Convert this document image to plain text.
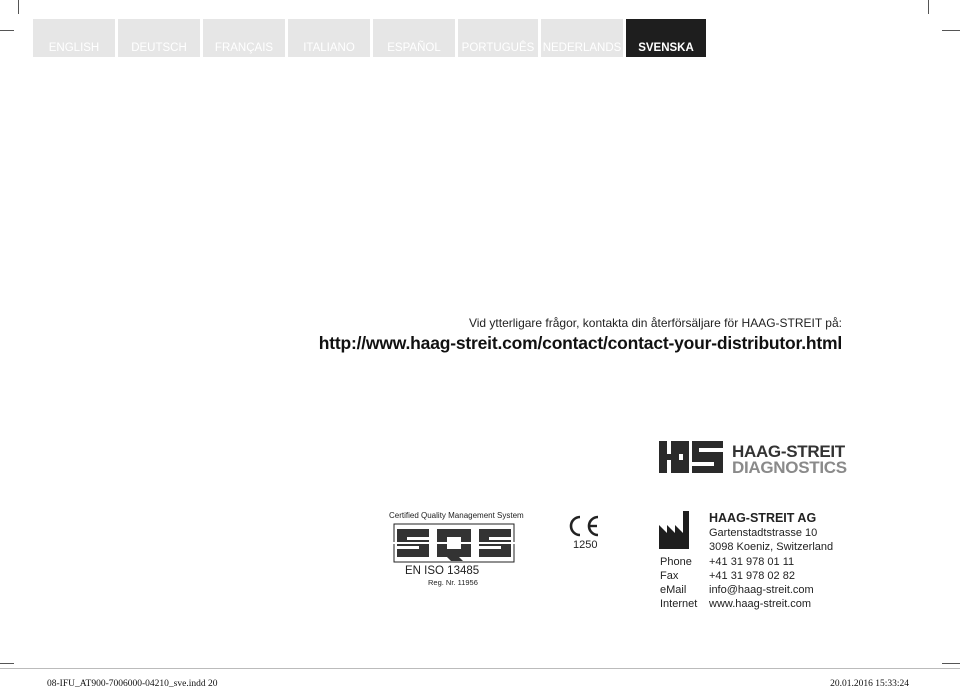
ENGLISH	DEUTSCH	FRANÇAIS	ITALIANO	ESPAÑOL	PORTUGUÊS NEDERLANDS	SVENSKA
Vid ytterligare frågor, kontakta din återförsäljare för HAAG-STREIT på:
http://www.haag-streit.com/contact/contact-your-distributor.html
HAAG-STREIT
DIAGNOSTICS
Certified Quality Management System
EN ISO 13485
Reg. Nr. 11956
1250
HAAG-STREIT AG
Gartenstadtstrasse 10
3098 Koeniz, Switzerland
Phone +41 31 978 01 11
Fax	+41 31 978 02 82
eMail info@haag-streit.com
Internet www.haag-streit.com
08-IFU_AT900-7006000-04210_sve.indd 20	20.01.2016 15:33:24
